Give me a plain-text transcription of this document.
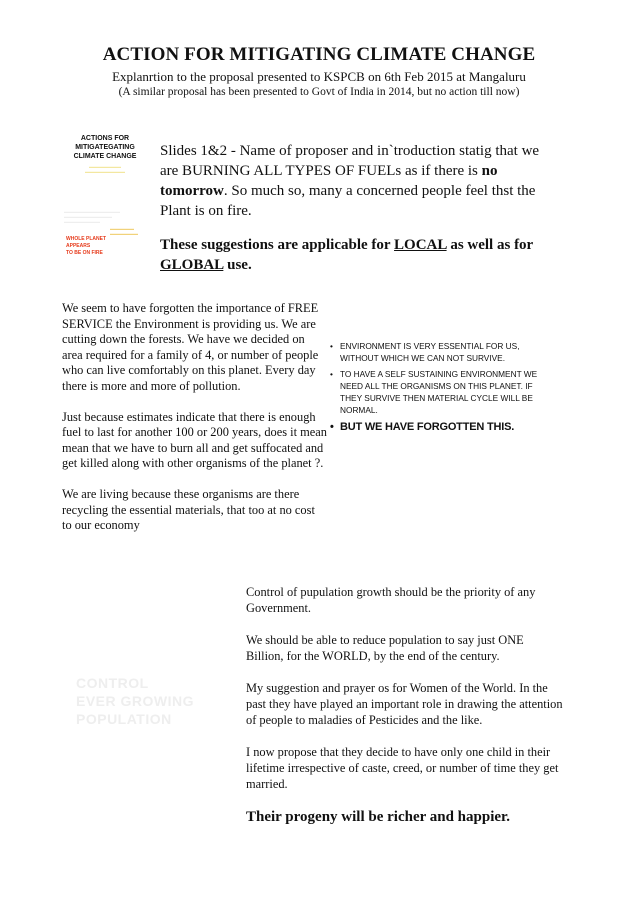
ACTION FOR MITIGATING CLIMATE CHANGE
Explanrtion to the proposal presented to KSPCB on 6th Feb 2015 at Mangaluru
(A similar proposal has been presented to Govt of India in 2014, but no action till now)
ACTIONS FOR
MITIGATEGATING
CLIMATE CHANGE
▬▬▬▬▬▬▬▬
▬▬▬▬▬▬▬▬▬▬
▬▬▬▬▬▬▬▬▬▬▬▬▬▬
▬▬▬▬▬▬▬▬▬▬▬▬
▬▬▬▬▬▬▬▬▬
▬▬▬▬▬▬
▬▬▬▬▬▬▬
WHOLE PLANET
APPEARS
TO BE ON FIRE

Slides 1&2 - Name of proposer and in`troduction statig that we are BURNING ALL TYPES OF FUELs as if there is no tomorrow. So much so, many a concerned people feel thst the Plant is on fire.

These suggestions are applicable for LOCAL as well as for GLOBAL use.

We seem to have forgotten the importance of FREE SERVICE the Environment is providing us. We are cutting down the forests. We have we decided on area required for a family of 4, or number of people who can live comfortably on this planet. Every day there is more and more of pollution.

Just because estimates indicate that there is enough fuel to last for another 100 or 200 years, does it mean mean that we have to burn all and get suffocated and get killed along with other organisms of the planet ?.

We are living because these organisms are there recycling the essential materials, that too at no cost to our economy

• ENVIRONMENT IS VERY ESSENTIAL FOR US, WITHOUT WHICH WE CAN NOT SURVIVE.
• TO HAVE A SELF SUSTAINING ENVIRONMENT WE NEED ALL THE ORGANISMS ON THIS PLANET. IF THEY SURVIVE THEN MATERIAL CYCLE WILL BE NORMAL.
• BUT WE HAVE FORGOTTEN THIS.
CONTROL
EVER GROWING
POPULATION

Control of pupulation growth should be the priority of any Government.

We should be able to reduce population to say just ONE Billion, for the WORLD, by the end of the century.

My suggestion and prayer os for Women of the World. In the past they have played an important role in drawing the attention of people to maladies of Pesticides and the like.

I now propose that they decide to have only one child in their lifetime irrespective of caste, creed, or number of time they get married.

Their progeny will be richer and happier.
